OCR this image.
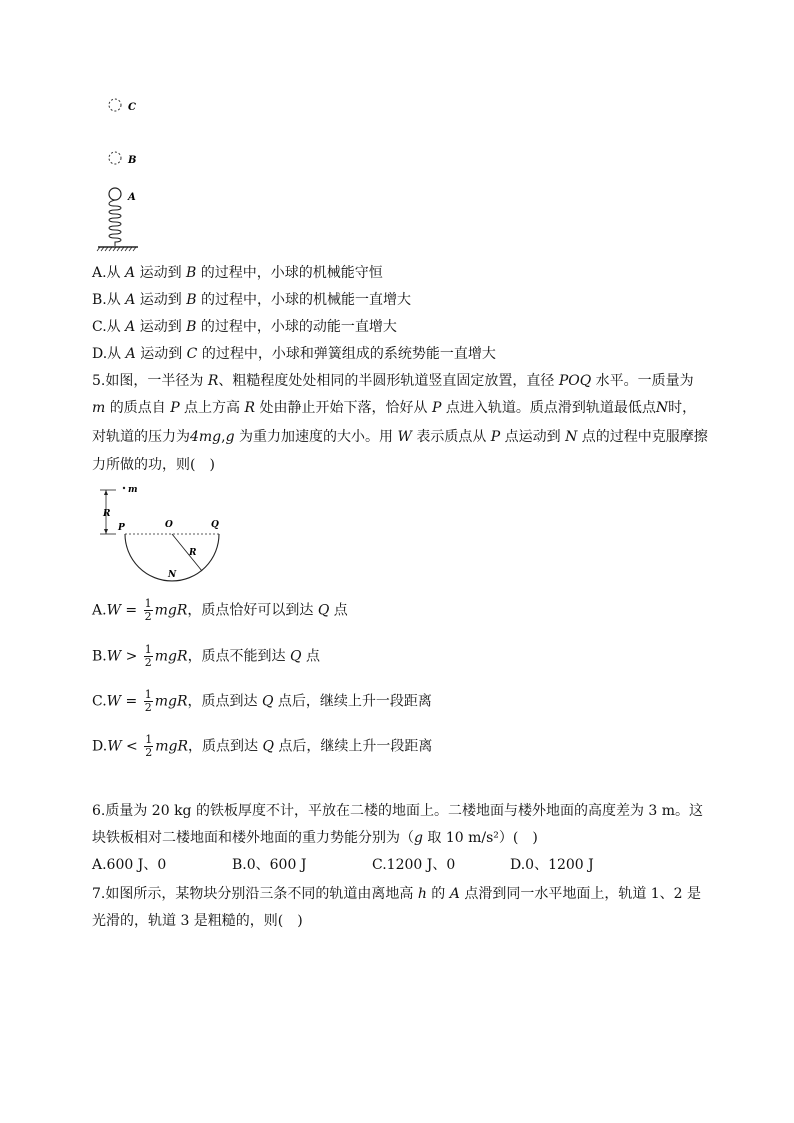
C
B
A
A.从 A 运动到 B 的过程中，小球的机械能守恒
B.从 A 运动到 B 的过程中，小球的机械能一直增大
C.从 A 运动到 B 的过程中，小球的动能一直增大
D.从 A 运动到 C 的过程中，小球和弹簧组成的系统势能一直增大
5.如图，一半径为 R、粗糙程度处处相同的半圆形轨道竖直固定放置，直径 POQ 水平。一质量为
m 的质点自 P 点上方高 R 处由静止开始下落，恰好从 P 点进入轨道。质点滑到轨道最低点N时，
对轨道的压力为4mg,g 为重力加速度的大小。用 W 表示质点从 P 点运动到 N 点的过程中克服摩擦
力所做的功，则(　)
m
R
P	O	Q
R
N
$A.W = \frac{1}{2}$ mgR，质点恰好可以到达 Q 点
$B.W > \frac{1}{2}$ mgR，质点不能到达 Q 点
$C.W = \frac{1}{2}$ mgR，质点到达 Q 点后，继续上升一段距离
$D.W < \frac{1}{2}$ mgR，质点到达 Q 点后，继续上升一段距离
6.质量为 20 kg 的铁板厚度不计，平放在二楼的地面上。二楼地面与楼外地面的高度差为 3 m。这
块铁板相对二楼地面和楼外地面的重力势能分别为（g 取 10 m/s²）(　)
A.600 J、0	B.0、600 J	C.1200 J、0	D.0、1200 J
7.如图所示，某物块分别沿三条不同的轨道由离地高 h 的 A 点滑到同一水平地面上，轨道 1、2 是
光滑的，轨道 3 是粗糙的，则(　)
